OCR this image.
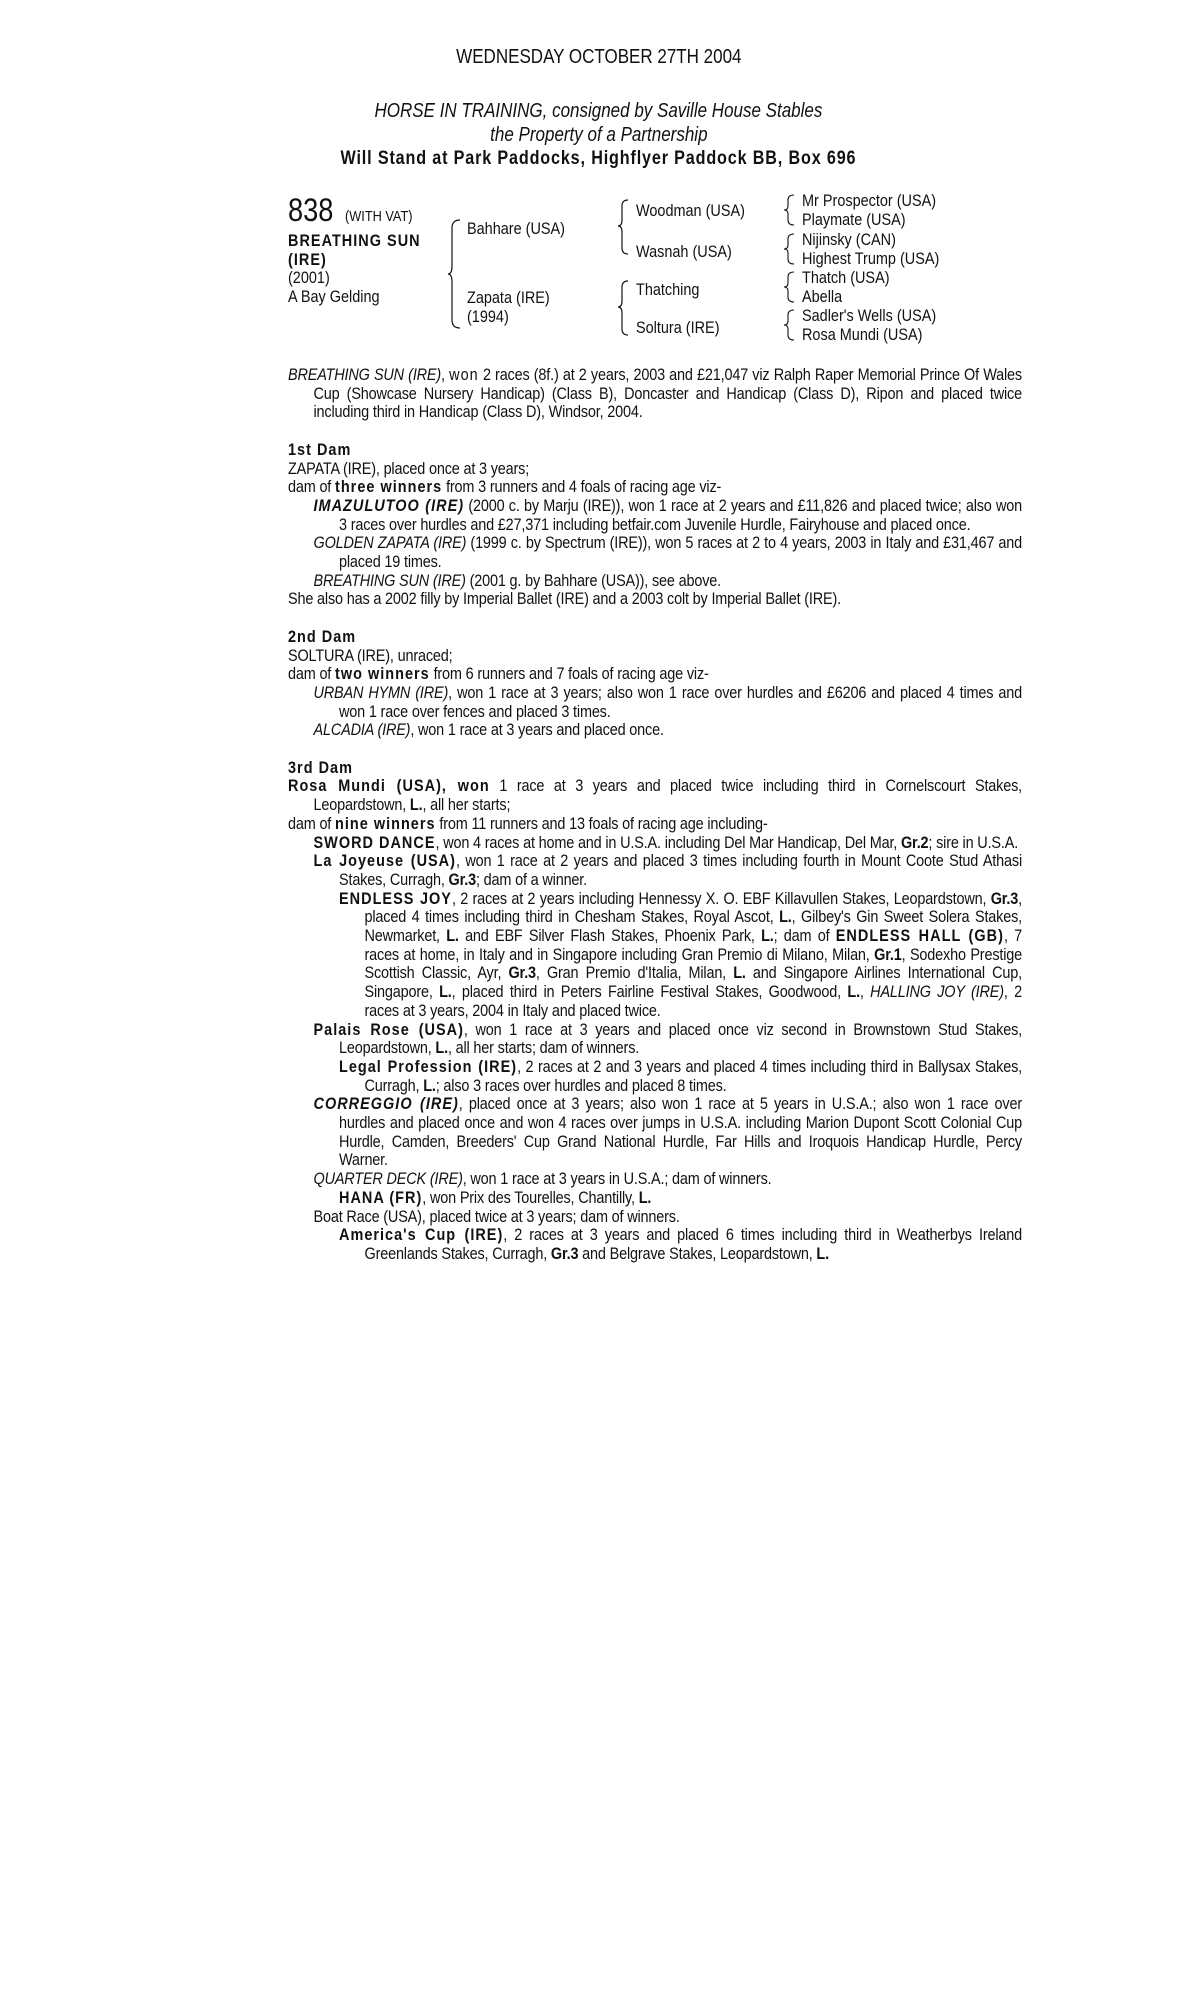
WEDNESDAY OCTOBER 27TH 2004
HORSE IN TRAINING, consigned by Saville House Stables
the Property of a Partnership
Will Stand at Park Paddocks, Highflyer Paddock BB, Box 696
838 (WITH VAT)
BREATHING SUN
(IRE)
(2001)
A Bay Gelding
Bahhare (USA)
Zapata (IRE)
(1994)
Woodman (USA)
Wasnah (USA)
Thatching
Soltura (IRE)
Mr Prospector (USA)
Playmate (USA)
Nijinsky (CAN)
Highest Trump (USA)
Thatch (USA)
Abella
Sadler's Wells (USA)
Rosa Mundi (USA)

BREATHING SUN (IRE), won 2 races (8f.) at 2 years, 2003 and £21,047 viz Ralph Raper Memorial Prince Of Wales Cup (Showcase Nursery Handicap) (Class B), Doncaster and Handicap (Class D), Ripon and placed twice including third in Handicap (Class D), Windsor, 2004.

1st Dam

ZAPATA (IRE), placed once at 3 years;

dam of three winners from 3 runners and 4 foals of racing age viz-

IMAZULUTOO (IRE) (2000 c. by Marju (IRE)), won 1 race at 2 years and £11,826 and placed twice; also won 3 races over hurdles and £27,371 including betfair.com Juvenile Hurdle, Fairyhouse and placed once.

GOLDEN ZAPATA (IRE) (1999 c. by Spectrum (IRE)), won 5 races at 2 to 4 years, 2003 in Italy and £31,467 and placed 19 times.

BREATHING SUN (IRE) (2001 g. by Bahhare (USA)), see above.

She also has a 2002 filly by Imperial Ballet (IRE) and a 2003 colt by Imperial Ballet (IRE).

2nd Dam

SOLTURA (IRE), unraced;

dam of two winners from 6 runners and 7 foals of racing age viz-

URBAN HYMN (IRE), won 1 race at 3 years; also won 1 race over hurdles and £6206 and placed 4 times and won 1 race over fences and placed 3 times.

ALCADIA (IRE), won 1 race at 3 years and placed once.

3rd Dam

Rosa Mundi (USA), won 1 race at 3 years and placed twice including third in Cornelscourt Stakes, Leopardstown, L., all her starts;

dam of nine winners from 11 runners and 13 foals of racing age including-

SWORD DANCE, won 4 races at home and in U.S.A. including Del Mar Handicap, Del Mar, Gr.2; sire in U.S.A.

La Joyeuse (USA), won 1 race at 2 years and placed 3 times including fourth in Mount Coote Stud Athasi Stakes, Curragh, Gr.3; dam of a winner.

ENDLESS JOY, 2 races at 2 years including Hennessy X. O. EBF Killavullen Stakes, Leopardstown, Gr.3, placed 4 times including third in Chesham Stakes, Royal Ascot, L., Gilbey's Gin Sweet Solera Stakes, Newmarket, L. and EBF Silver Flash Stakes, Phoenix Park, L.; dam of ENDLESS HALL (GB), 7 races at home, in Italy and in Singapore including Gran Premio di Milano, Milan, Gr.1, Sodexho Prestige Scottish Classic, Ayr, Gr.3, Gran Premio d'Italia, Milan, L. and Singapore Airlines International Cup, Singapore, L., placed third in Peters Fairline Festival Stakes, Goodwood, L., HALLING JOY (IRE), 2 races at 3 years, 2004 in Italy and placed twice.

Palais Rose (USA), won 1 race at 3 years and placed once viz second in Brownstown Stud Stakes, Leopardstown, L., all her starts; dam of winners.

Legal Profession (IRE), 2 races at 2 and 3 years and placed 4 times including third in Ballysax Stakes, Curragh, L.; also 3 races over hurdles and placed 8 times.

CORREGGIO (IRE), placed once at 3 years; also won 1 race at 5 years in U.S.A.; also won 1 race over hurdles and placed once and won 4 races over jumps in U.S.A. including Marion Dupont Scott Colonial Cup Hurdle, Camden, Breeders' Cup Grand National Hurdle, Far Hills and Iroquois Handicap Hurdle, Percy Warner.

QUARTER DECK (IRE), won 1 race at 3 years in U.S.A.; dam of winners.

HANA (FR), won Prix des Tourelles, Chantilly, L.

Boat Race (USA), placed twice at 3 years; dam of winners.

America's Cup (IRE), 2 races at 3 years and placed 6 times including third in Weatherbys Ireland Greenlands Stakes, Curragh, Gr.3 and Belgrave Stakes, Leopardstown, L.
